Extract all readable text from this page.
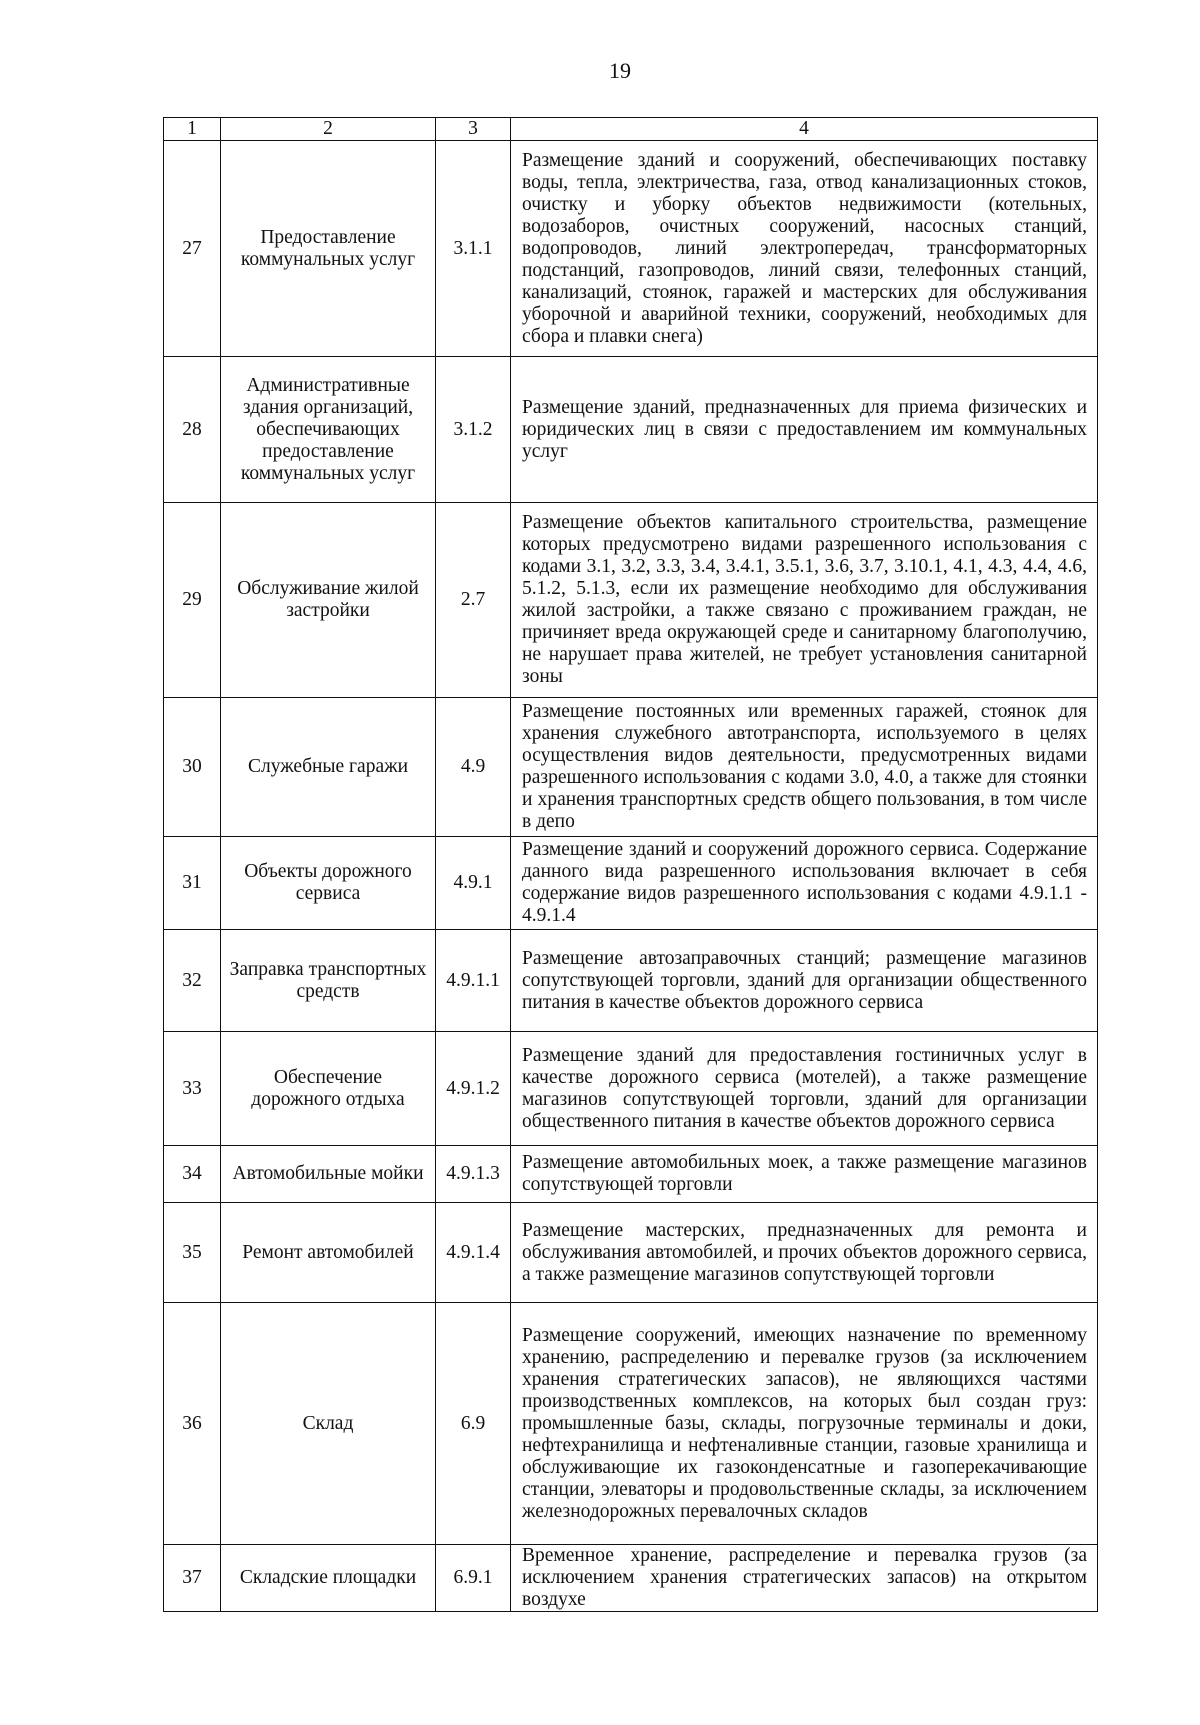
19
1	2	3	4
27	Предоставление коммунальных услуг	3.1.1	Размещение зданий и сооружений, обеспечивающих поставку воды, тепла, электричества, газа, отвод канализационных стоков, очистку и уборку объектов недвижимости (котельных, водозаборов, очистных сооружений, насосных станций, водопроводов, линий электропередач, трансформаторных подстанций, газопроводов, линий связи, телефонных станций, канализаций, стоянок, гаражей и мастерских для обслуживания уборочной и аварийной техники, сооружений, необходимых для сбора и плавки снега)
28	Административные здания организаций, обеспечивающих предоставление коммунальных услуг	3.1.2	Размещение зданий, предназначенных для приема физических и юридических лиц в связи с предоставлением им коммунальных услуг
29	Обслуживание жилой застройки	2.7	Размещение объектов капитального строительства, размещение которых предусмотрено видами разрешенного использования с кодами 3.1, 3.2, 3.3, 3.4, 3.4.1, 3.5.1, 3.6, 3.7, 3.10.1, 4.1, 4.3, 4.4, 4.6, 5.1.2, 5.1.3, если их размещение необходимо для обслуживания жилой застройки, а также связано с проживанием граждан, не причиняет вреда окружающей среде и санитарному благополучию, не нарушает права жителей, не требует установления санитарной зоны
30	Служебные гаражи	4.9	Размещение постоянных или временных гаражей, стоянок для хранения служебного автотранспорта, используемого в целях осуществления видов деятельности, предусмотренных видами разрешенного использования с кодами 3.0, 4.0, а также для стоянки и хранения транспортных средств общего пользования, в том числе в депо
31	Объекты дорожного сервиса	4.9.1	Размещение зданий и сооружений дорожного сервиса. Содержание данного вида разрешенного использования включает в себя содержание видов разрешенного использования с кодами 4.9.1.1 - 4.9.1.4
32	Заправка транспортных средств	4.9.1.1	Размещение автозаправочных станций; размещение магазинов сопутствующей торговли, зданий для организации общественного питания в качестве объектов дорожного сервиса
33	Обеспечение дорожного отдыха	4.9.1.2	Размещение зданий для предоставления гостиничных услуг в качестве дорожного сервиса (мотелей), а также размещение магазинов сопутствующей торговли, зданий для организации общественного питания в качестве объектов дорожного сервиса
34	Автомобильные мойки	4.9.1.3	Размещение автомобильных моек, а также размещение магазинов сопутствующей торговли
35	Ремонт автомобилей	4.9.1.4	Размещение мастерских, предназначенных для ремонта и обслуживания автомобилей, и прочих объектов дорожного сервиса, а также размещение магазинов сопутствующей торговли
36	Склад	6.9	Размещение сооружений, имеющих назначение по временному хранению, распределению и перевалке грузов (за исключением хранения стратегических запасов), не являющихся частями производственных комплексов, на которых был создан груз: промышленные базы, склады, погрузочные терминалы и доки, нефтехранилища и нефтеналивные станции, газовые хранилища и обслуживающие их газоконденсатные и газоперекачивающие станции, элеваторы и продовольственные склады, за исключением железнодорожных перевалочных складов
37	Складские площадки	6.9.1	Временное хранение, распределение и перевалка грузов (за исключением хранения стратегических запасов) на открытом воздухе
